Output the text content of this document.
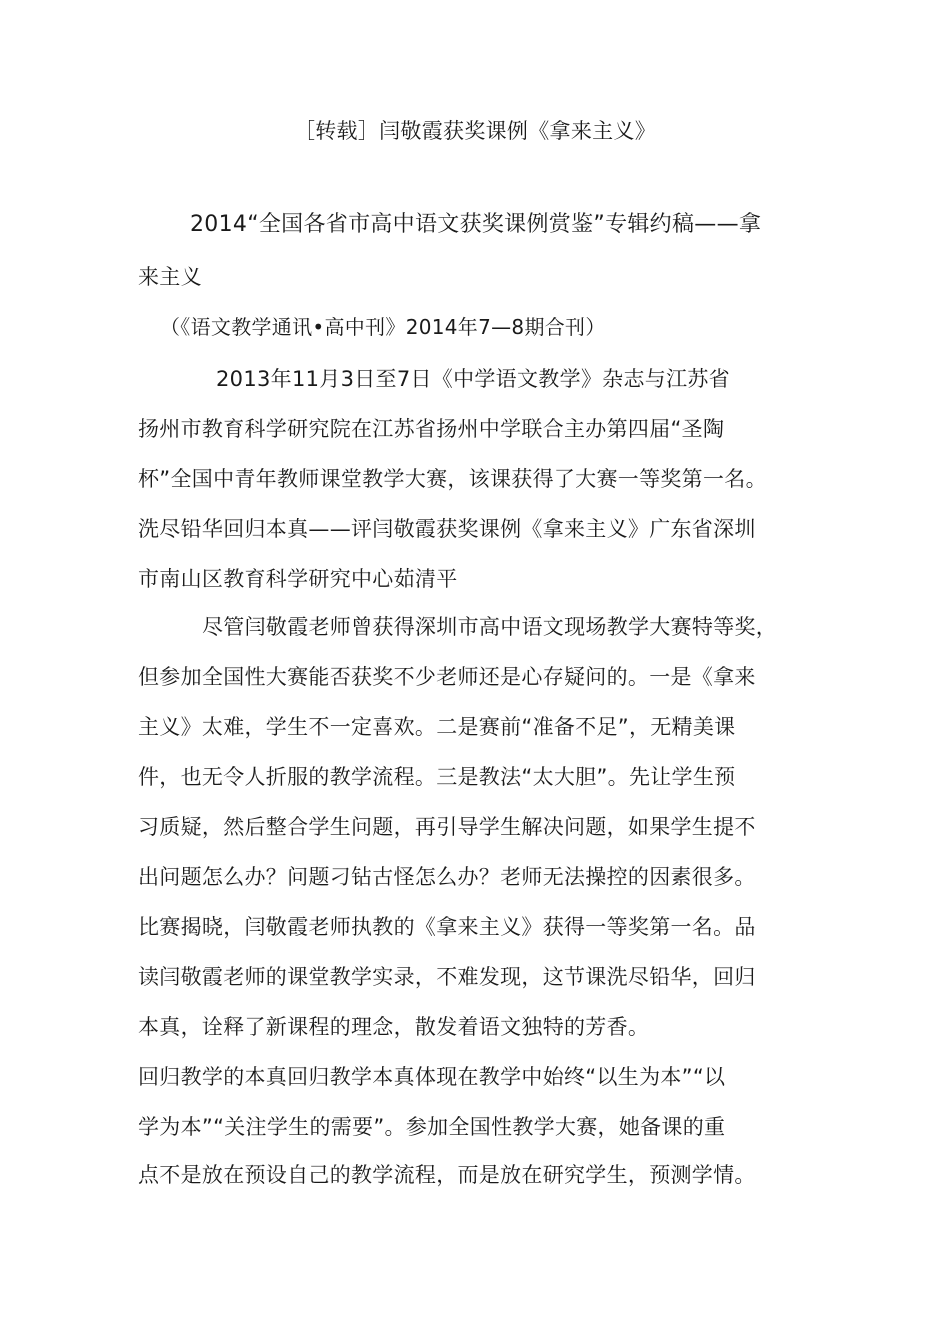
［转载］闫敬霞获奖课例《拿来主义》
2014“全国各省市高中语文获奖课例赏鉴”专辑约稿——拿
来主义
（《语文教学通讯•高中刊》2014年7—8期合刊）
2013年11月3日至7日《中学语文教学》杂志与江苏省
扬州市教育科学研究院在江苏省扬州中学联合主办第四届“圣陶
杯”全国中青年教师课堂教学大赛，该课获得了大赛一等奖第一名。
洗尽铅华回归本真——评闫敬霞获奖课例《拿来主义》广东省深圳
市南山区教育科学研究中心茹清平
尽管闫敬霞老师曾获得深圳市高中语文现场教学大赛特等奖，
但参加全国性大赛能否获奖不少老师还是心存疑问的。一是《拿来
主义》太难，学生不一定喜欢。二是赛前“准备不足”，无精美课
件，也无令人折服的教学流程。三是教法“太大胆”。先让学生预
习质疑，然后整合学生问题，再引导学生解决问题，如果学生提不
出问题怎么办？问题刁钻古怪怎么办？老师无法操控的因素很多。
比赛揭晓，闫敬霞老师执教的《拿来主义》获得一等奖第一名。品
读闫敬霞老师的课堂教学实录，不难发现，这节课洗尽铅华，回归
本真，诠释了新课程的理念，散发着语文独特的芳香。
回归教学的本真回归教学本真体现在教学中始终“以生为本”“以
学为本”“关注学生的需要”。参加全国性教学大赛，她备课的重
点不是放在预设自己的教学流程，而是放在研究学生，预测学情。
